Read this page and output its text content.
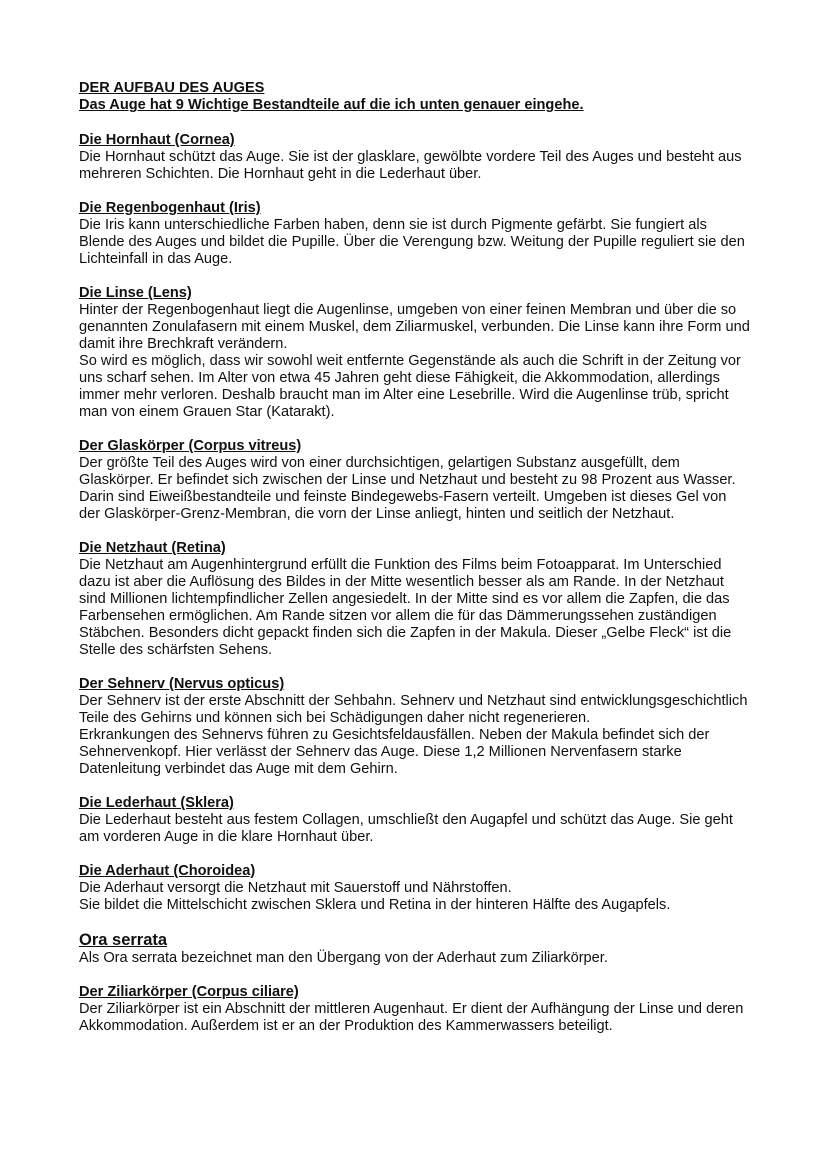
DER AUFBAU DES AUGES

Das Auge hat 9 Wichtige Bestandteile auf die ich unten genauer eingehe.

Die Hornhaut (Cornea)

Die Hornhaut schützt das Auge. Sie ist der glasklare, gewölbte vordere Teil des Auges und besteht aus mehreren Schichten. Die Hornhaut geht in die Lederhaut über.

Die Regenbogenhaut (Iris)

Die Iris kann unterschiedliche Farben haben, denn sie ist durch Pigmente gefärbt. Sie fungiert als Blende des Auges und bildet die Pupille. Über die Verengung bzw. Weitung der Pupille reguliert sie den Lichteinfall in das Auge.

Die Linse (Lens)

Hinter der Regenbogenhaut liegt die Augenlinse, umgeben von einer feinen Membran und über die so genannten Zonulafasern mit einem Muskel, dem Ziliarmuskel, verbunden. Die Linse kann ihre Form und damit ihre Brechkraft verändern.

So wird es möglich, dass wir sowohl weit entfernte Gegenstände als auch die Schrift in der Zeitung vor uns scharf sehen. Im Alter von etwa 45 Jahren geht diese Fähigkeit, die Akkommodation, allerdings immer mehr verloren. Deshalb braucht man im Alter eine Lesebrille. Wird die Augenlinse trüb, spricht man von einem Grauen Star (Katarakt).

Der Glaskörper (Corpus vitreus)

Der größte Teil des Auges wird von einer durchsichtigen, gelartigen Substanz ausgefüllt, dem Glaskörper. Er befindet sich zwischen der Linse und Netzhaut und besteht zu 98 Prozent aus Wasser. Darin sind Eiweißbestandteile und feinste Bindegewebs-Fasern verteilt. Umgeben ist dieses Gel von der Glaskörper-Grenz-Membran, die vorn der Linse anliegt, hinten und seitlich der Netzhaut.

Die Netzhaut (Retina)

Die Netzhaut am Augenhintergrund erfüllt die Funktion des Films beim Fotoapparat. Im Unterschied dazu ist aber die Auflösung des Bildes in der Mitte wesentlich besser als am Rande. In der Netzhaut sind Millionen lichtempfindlicher Zellen angesiedelt. In der Mitte sind es vor allem die Zapfen, die das Farbensehen ermöglichen. Am Rande sitzen vor allem die für das Dämmerungssehen zuständigen Stäbchen. Besonders dicht gepackt finden sich die Zapfen in der Makula. Dieser „Gelbe Fleck“ ist die Stelle des schärfsten Sehens.

Der Sehnerv (Nervus opticus)

Der Sehnerv ist der erste Abschnitt der Sehbahn. Sehnerv und Netzhaut sind entwicklungsgeschichtlich Teile des Gehirns und können sich bei Schädigungen daher nicht regenerieren.

Erkrankungen des Sehnervs führen zu Gesichtsfeldausfällen. Neben der Makula befindet sich der Sehnervenkopf. Hier verlässt der Sehnerv das Auge. Diese 1,2 Millionen Nervenfasern starke Datenleitung verbindet das Auge mit dem Gehirn.

Die Lederhaut (Sklera)

Die Lederhaut besteht aus festem Collagen, umschließt den Augapfel und schützt das Auge. Sie geht am vorderen Auge in die klare Hornhaut über.

Die Aderhaut (Choroidea)

Die Aderhaut versorgt die Netzhaut mit Sauerstoff und Nährstoffen.

Sie bildet die Mittelschicht zwischen Sklera und Retina in der hinteren Hälfte des Augapfels.

Ora serrata

Als Ora serrata bezeichnet man den Übergang von der Aderhaut zum Ziliarkörper.

Der Ziliarkörper (Corpus ciliare)

Der Ziliarkörper ist ein Abschnitt der mittleren Augenhaut. Er dient der Aufhängung der Linse und deren Akkommodation. Außerdem ist er an der Produktion des Kammerwassers beteiligt.
